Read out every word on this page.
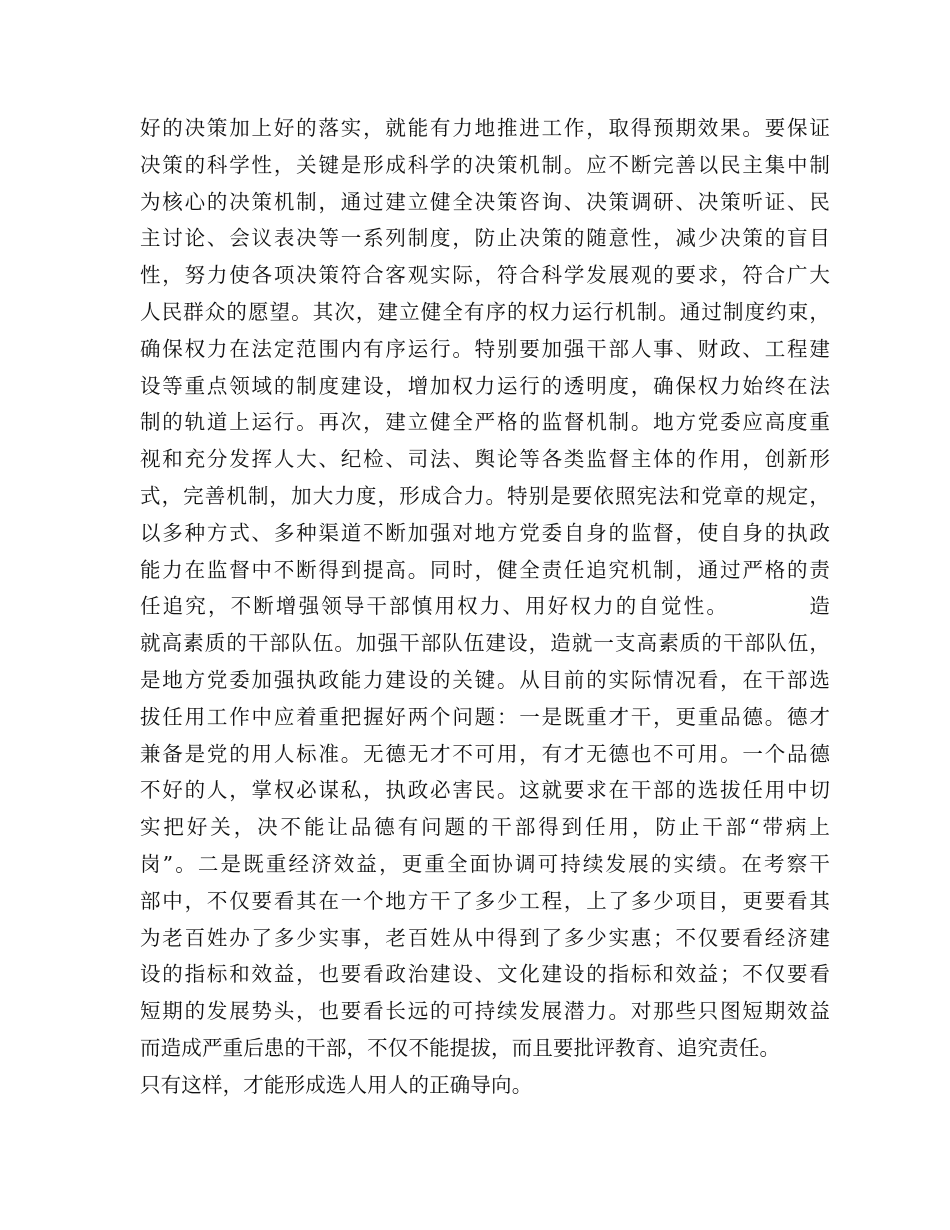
好的决策加上好的落实，就能有力地推进工作，取得预期效果。要保证
决策的科学性，关键是形成科学的决策机制。应不断完善以民主集中制
为核心的决策机制，通过建立健全决策咨询、决策调研、决策听证、民
主讨论、会议表决等一系列制度，防止决策的随意性，减少决策的盲目
性，努力使各项决策符合客观实际，符合科学发展观的要求，符合广大
人民群众的愿望。其次，建立健全有序的权力运行机制。通过制度约束，
确保权力在法定范围内有序运行。特别要加强干部人事、财政、工程建
设等重点领域的制度建设，增加权力运行的透明度，确保权力始终在法
制的轨道上运行。再次，建立健全严格的监督机制。地方党委应高度重
视和充分发挥人大、纪检、司法、舆论等各类监督主体的作用，创新形
式，完善机制，加大力度，形成合力。特别是要依照宪法和党章的规定，
以多种方式、多种渠道不断加强对地方党委自身的监督，使自身的执政
能力在监督中不断得到提高。同时，健全责任追究机制，通过严格的责
任追究，不断增强领导干部慎用权力、用好权力的自觉性。　　　　造
就高素质的干部队伍。加强干部队伍建设，造就一支高素质的干部队伍，
是地方党委加强执政能力建设的关键。从目前的实际情况看，在干部选
拔任用工作中应着重把握好两个问题：一是既重才干，更重品德。德才
兼备是党的用人标准。无德无才不可用，有才无德也不可用。一个品德
不好的人，掌权必谋私，执政必害民。这就要求在干部的选拔任用中切
实把好关，决不能让品德有问题的干部得到任用，防止干部“带病上
岗”。二是既重经济效益，更重全面协调可持续发展的实绩。在考察干
部中，不仅要看其在一个地方干了多少工程，上了多少项目，更要看其
为老百姓办了多少实事，老百姓从中得到了多少实惠；不仅要看经济建
设的指标和效益，也要看政治建设、文化建设的指标和效益；不仅要看
短期的发展势头，也要看长远的可持续发展潜力。对那些只图短期效益
而造成严重后患的干部，不仅不能提拔，而且要批评教育、追究责任。
只有这样，才能形成选人用人的正确导向。
